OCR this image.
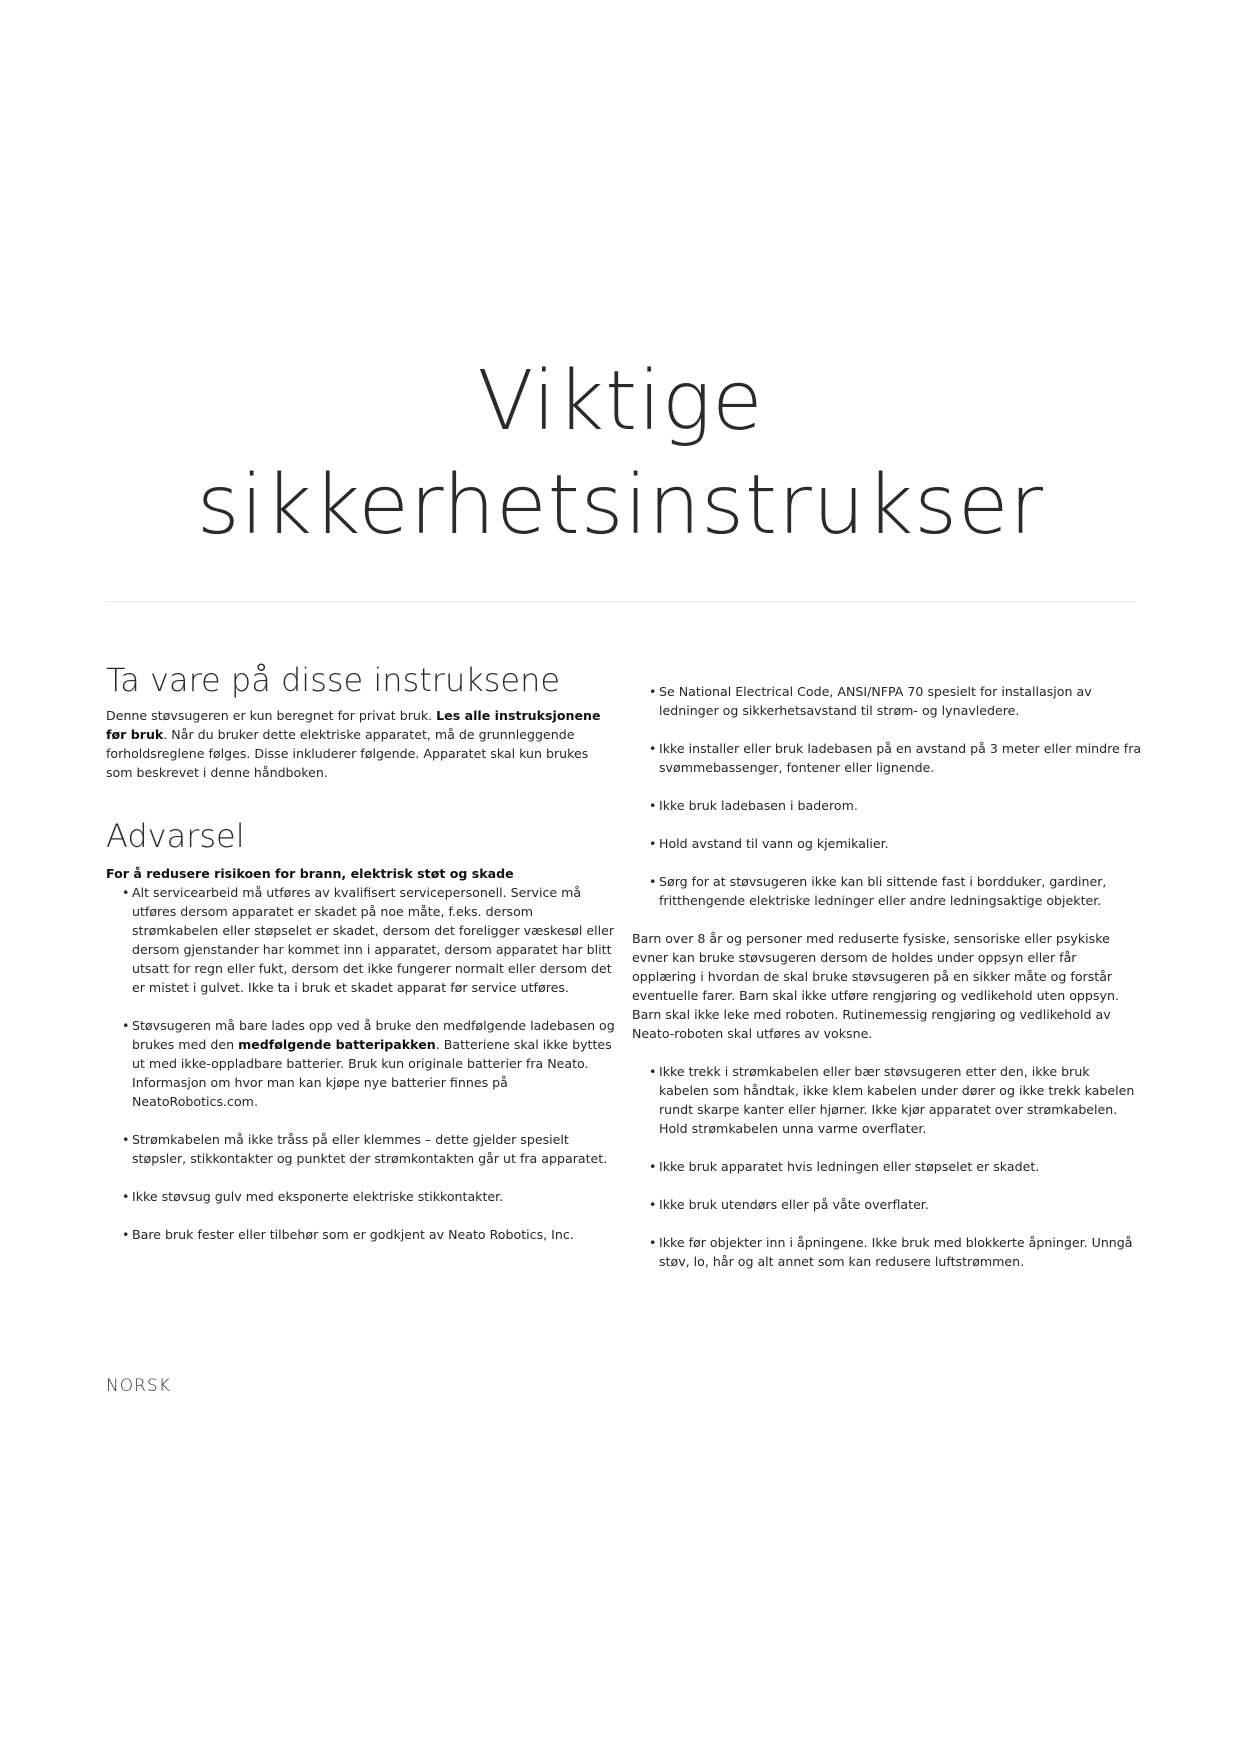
Viktige
sikkerhetsinstrukser
Ta vare på disse instruksene

Denne støvsugeren er kun beregnet for privat bruk. Les alle instruksjonene før bruk. Når du bruker dette elektriske apparatet, må de grunnleggende forholdsreglene følges. Disse inkluderer følgende. Apparatet skal kun brukes som beskrevet i denne håndboken.

Advarsel

For å redusere risikoen for brann, elektrisk støt og skade

• Alt servicearbeid må utføres av kvalifisert servicepersonell. Service må utføres dersom apparatet er skadet på noe måte, f.eks. dersom strømkabelen eller støpselet er skadet, dersom det foreligger væskesøl eller dersom gjenstander har kommet inn i apparatet, dersom apparatet har blitt utsatt for regn eller fukt, dersom det ikke fungerer normalt eller dersom det er mistet i gulvet. Ikke ta i bruk et skadet apparat før service utføres.
• Støvsugeren må bare lades opp ved å bruke den medfølgende ladebasen og brukes med den medfølgende batteripakken. Batteriene skal ikke byttes ut med ikke-oppladbare batterier. Bruk kun originale batterier fra Neato. Informasjon om hvor man kan kjøpe nye batterier finnes på NeatoRobotics.com.
• Strømkabelen må ikke tråss på eller klemmes – dette gjelder spesielt støpsler, stikkontakter og punktet der strømkontakten går ut fra apparatet.
• Ikke støvsug gulv med eksponerte elektriske stikkontakter.
• Bare bruk fester eller tilbehør som er godkjent av Neato Robotics, Inc.
• Se National Electrical Code, ANSI/NFPA 70 spesielt for installasjon av ledninger og sikkerhetsavstand til strøm- og lynavledere.
• Ikke installer eller bruk ladebasen på en avstand på 3 meter eller mindre fra svømmebassenger, fontener eller lignende.
• Ikke bruk ladebasen i baderom.
• Hold avstand til vann og kjemikalier.
• Sørg for at støvsugeren ikke kan bli sittende fast i bordduker, gardiner, fritthengende elektriske ledninger eller andre ledningsaktige objekter.

Barn over 8 år og personer med reduserte fysiske, sensoriske eller psykiske evner kan bruke støvsugeren dersom de holdes under oppsyn eller får opplæring i hvordan de skal bruke støvsugeren på en sikker måte og forstår eventuelle farer. Barn skal ikke utføre rengjøring og vedlikehold uten oppsyn. Barn skal ikke leke med roboten. Rutinemessig rengjøring og vedlikehold av Neato-roboten skal utføres av voksne.

• Ikke trekk i strømkabelen eller bær støvsugeren etter den, ikke bruk kabelen som håndtak, ikke klem kabelen under dører og ikke trekk kabelen rundt skarpe kanter eller hjørner. Ikke kjør apparatet over strømkabelen. Hold strømkabelen unna varme overflater.
• Ikke bruk apparatet hvis ledningen eller støpselet er skadet.
• Ikke bruk utendørs eller på våte overflater.
• Ikke før objekter inn i åpningene. Ikke bruk med blokkerte åpninger. Unngå støv, lo, hår og alt annet som kan redusere luftstrømmen.
NORSK
